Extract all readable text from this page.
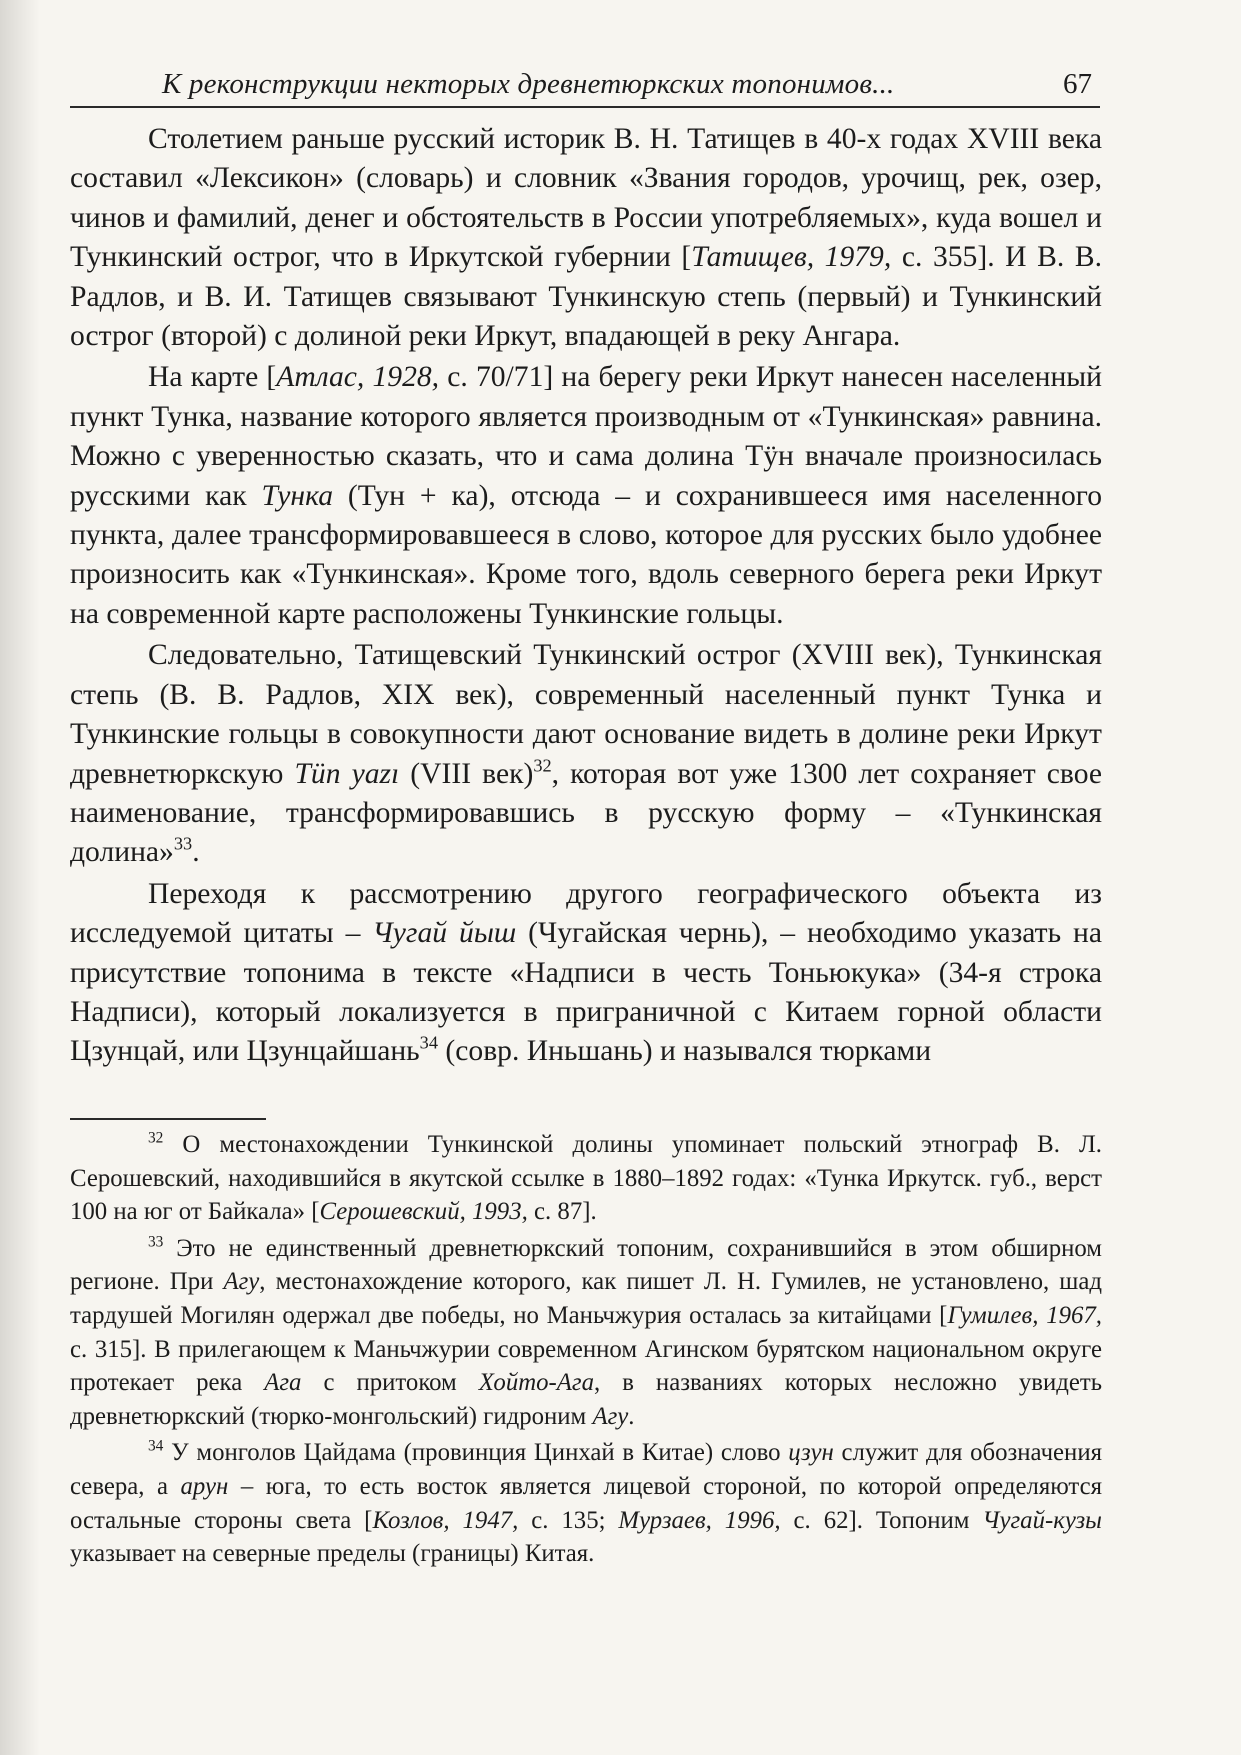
К реконструкции некторых древнетюркских топонимов...	67

Столетием раньше русский историк В. Н. Татищев в 40-х годах XVIII века составил «Лексикон» (словарь) и словник «Звания городов, урочищ, рек, озер, чинов и фамилий, денег и обстоятельств в России употребляемых», куда вошел и Тункинский острог, что в Иркутской губернии [Татищев, 1979, с. 355]. И В. В. Радлов, и В. И. Татищев связывают Тункинскую степь (первый) и Тункинский острог (второй) с долиной реки Иркут, впадающей в реку Ангара.

На карте [Атлас, 1928, с. 70/71] на берегу реки Иркут нанесен населенный пункт Тунка, название которого является производным от «Тункинская» равнина. Можно с уверенностью сказать, что и сама долина Тӱн вначале произносилась русскими как Тунка (Тун + ка), отсюда – и сохранившееся имя населенного пункта, далее трансформировавшееся в слово, которое для русских было удобнее произносить как «Тункинская». Кроме того, вдоль северного берега реки Иркут на современной карте расположены Тункинские гольцы.

Следовательно, Татищевский Тункинский острог (XVIII век), Тункинская степь (В. В. Радлов, XIX век), современный населенный пункт Тунка и Тункинские гольцы в совокупности дают основание видеть в долине реки Иркут древнетюркскую Tün yazı (VIII век)$^{32}$, которая вот уже 1300 лет сохраняет свое наименование, трансформировавшись в русскую форму – «Тункинская долина»$^{33}$.

Переходя к рассмотрению другого географического объекта из исследуемой цитаты – Чугай йыш (Чугайская чернь), – необходимо указать на присутствие топонима в тексте «Надписи в честь Тоньюкука» (34-я строка Надписи), который локализуется в приграничной с Китаем горной области Цзунцай, или Цзунцайшань$^{34}$ (совр. Иньшань) и назывался тюрками

$^{32}$ О местонахождении Тункинской долины упоминает польский этнограф В. Л. Серошевский, находившийся в якутской ссылке в 1880–1892 годах: «Тунка Иркутск. губ., верст 100 на юг от Байкала» [Серошевский, 1993, с. 87].

$^{33}$ Это не единственный древнетюркский топоним, сохранившийся в этом обширном регионе. При Агу, местонахождение которого, как пишет Л. Н. Гумилев, не установлено, шад тардушей Могилян одержал две победы, но Маньчжурия осталась за китайцами [Гумилев, 1967, с. 315]. В прилегающем к Маньчжурии современном Агинском бурятском национальном округе протекает река Ага с притоком Хойто-Ага, в названиях которых несложно увидеть древнетюркский (тюрко-монгольский) гидроним Агу.

$^{34}$ У монголов Цайдама (провинция Цинхай в Китае) слово цзун служит для обозначения севера, а арун – юга, то есть восток является лицевой стороной, по которой определяются остальные стороны света [Козлов, 1947, с. 135; Мурзаев, 1996, с. 62]. Топоним Чугай-кузы указывает на северные пределы (границы) Китая.
